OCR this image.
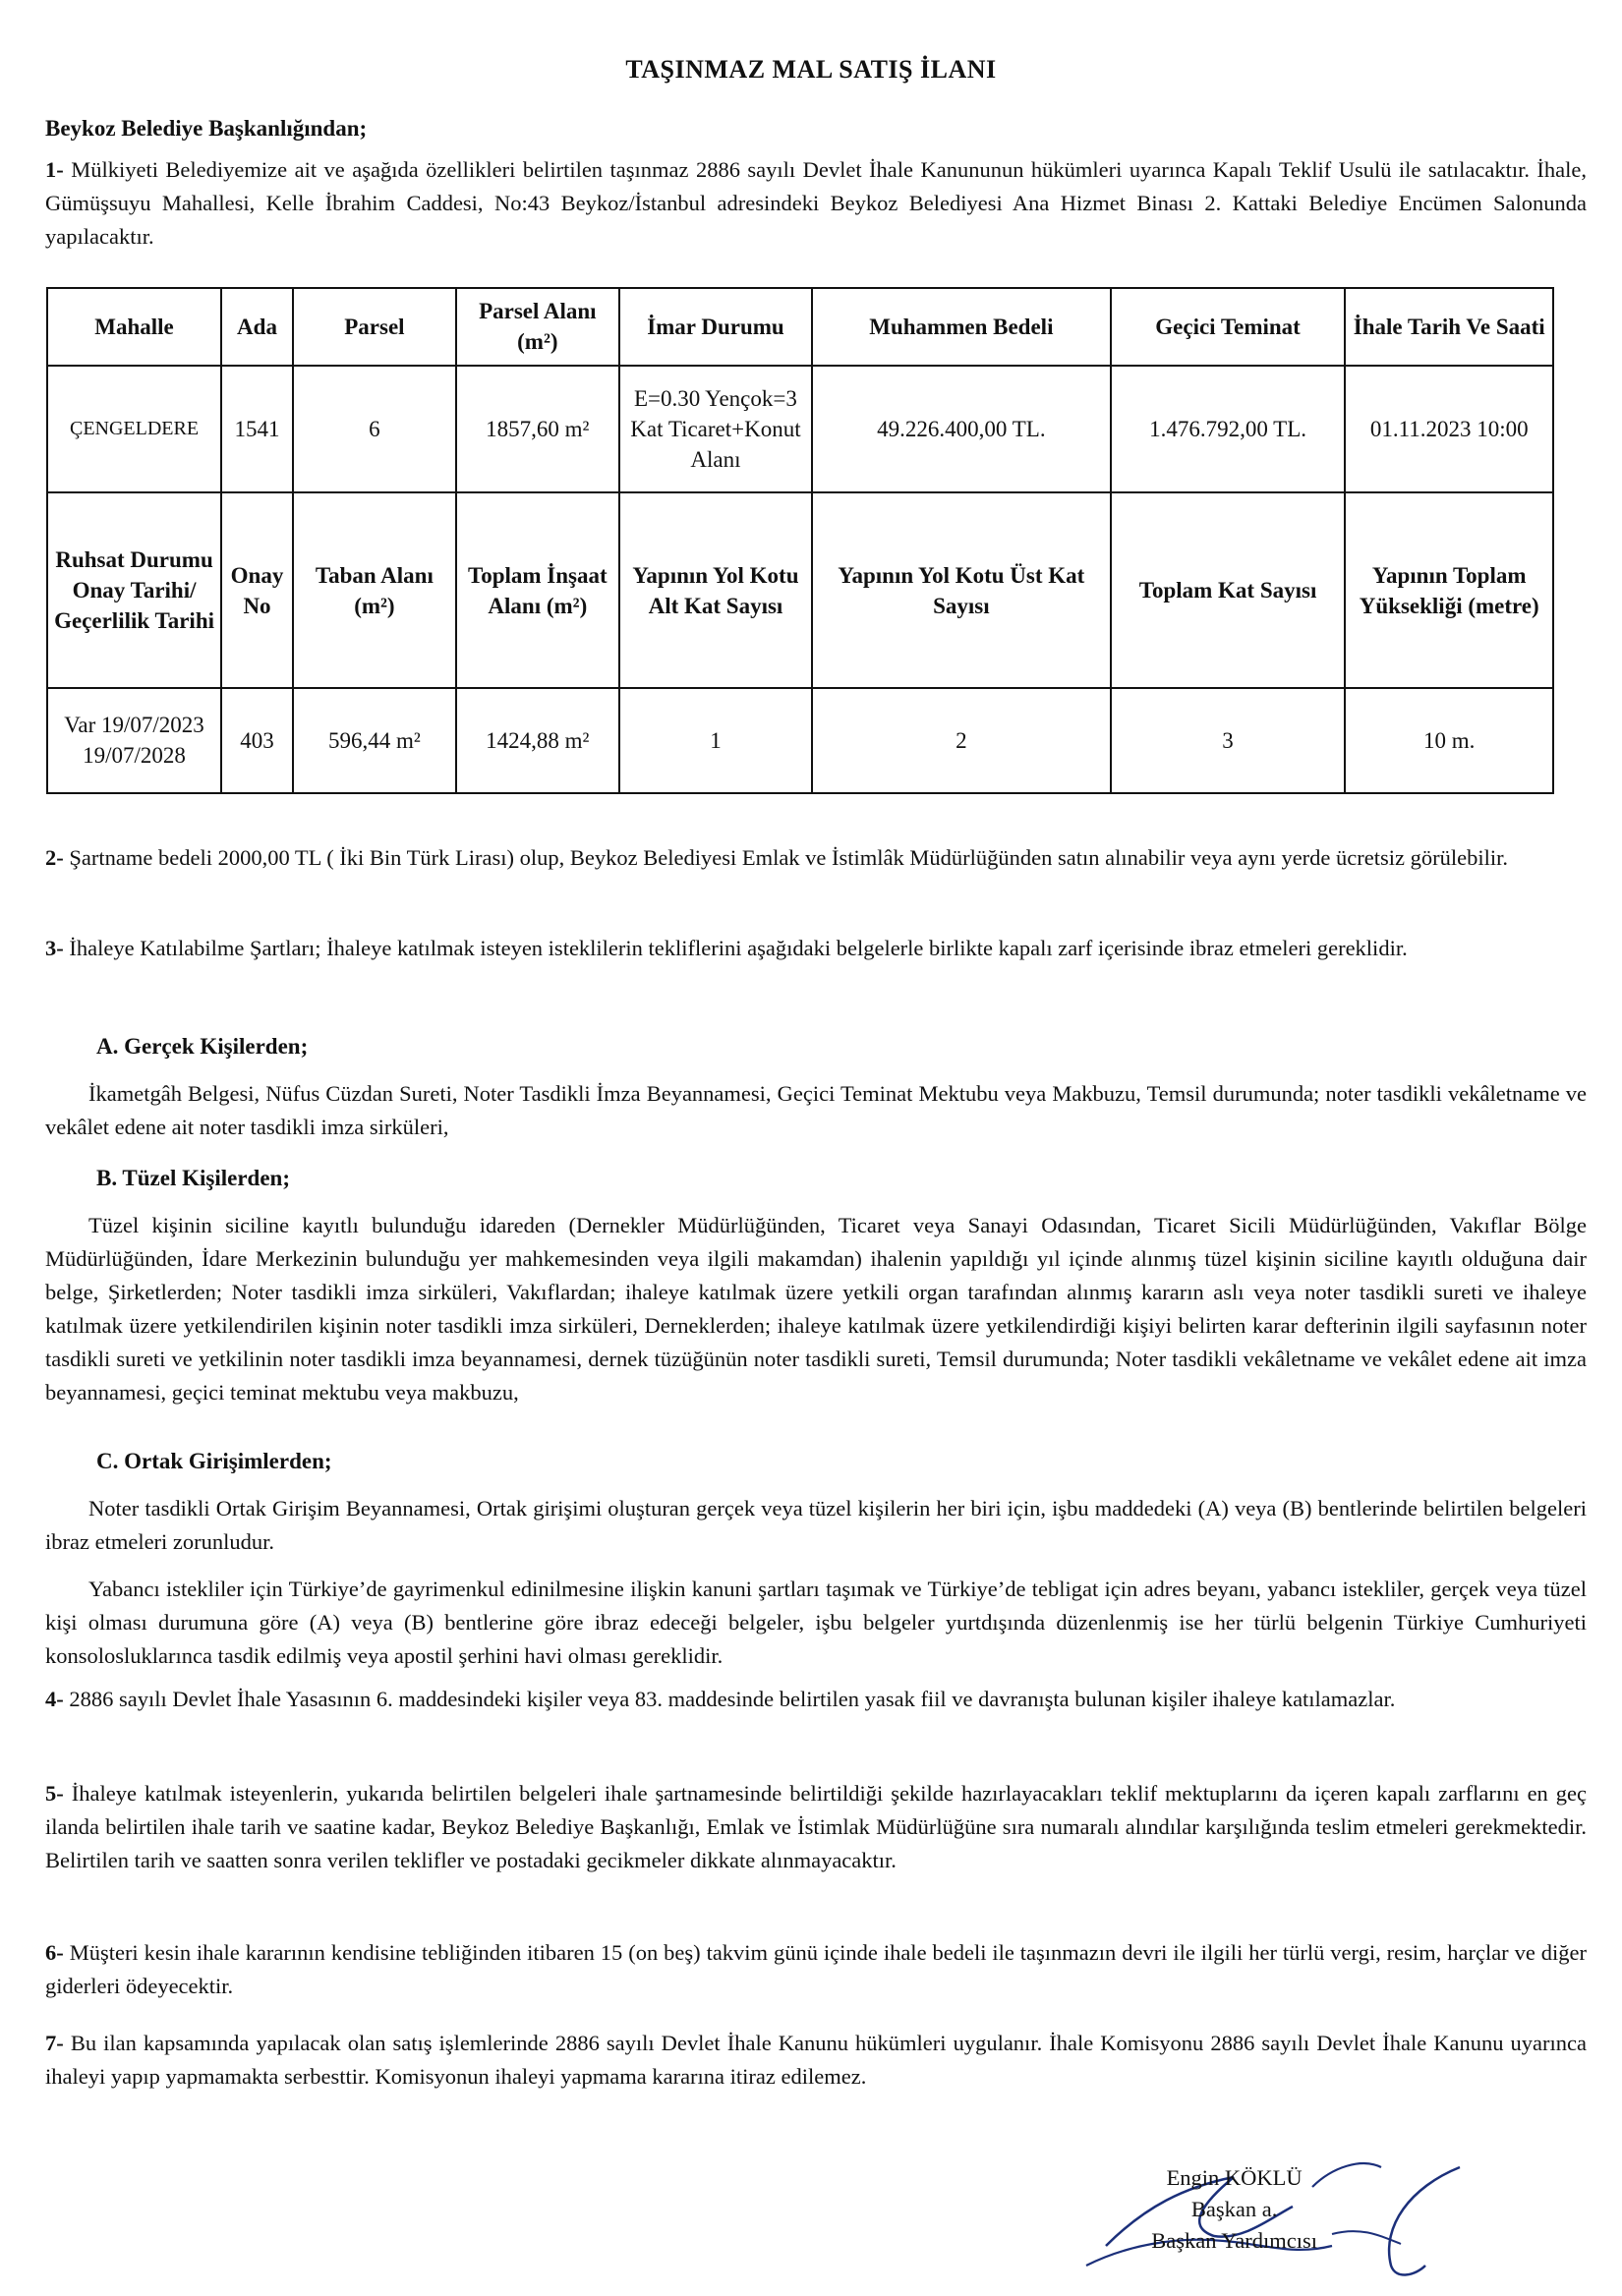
TAŞINMAZ MAL SATIŞ İLANI
Beykoz Belediye Başkanlığından;
1- Mülkiyeti Belediyemize ait ve aşağıda özellikleri belirtilen taşınmaz 2886 sayılı Devlet İhale Kanununun hükümleri uyarınca Kapalı Teklif Usulü ile satılacaktır. İhale, Gümüşsuyu Mahallesi, Kelle İbrahim Caddesi, No:43 Beykoz/İstanbul adresindeki Beykoz Belediyesi Ana Hizmet Binası 2. Kattaki Belediye Encümen Salonunda yapılacaktır.
Mahalle	Ada	Parsel	Parsel Alanı (m²)	İmar Durumu	Muhammen Bedeli	Geçici Teminat	İhale Tarih Ve Saati
ÇENGELDERE	1541	6	1857,60 m²	E=0.30 Yençok=3 Kat Ticaret+Konut Alanı	49.226.400,00 TL.	1.476.792,00 TL.	01.11.2023 10:00
Ruhsat Durumu Onay Tarihi/ Geçerlilik Tarihi	Onay No	Taban Alanı (m²)	Toplam İnşaat Alanı (m²)	Yapının Yol Kotu Alt Kat Sayısı	Yapının Yol Kotu Üst Kat Sayısı	Toplam Kat Sayısı	Yapının Toplam Yüksekliği (metre)
Var 19/07/2023 19/07/2028	403	596,44 m²	1424,88 m²	1	2	3	10 m.
2- Şartname bedeli 2000,00 TL ( İki Bin Türk Lirası) olup, Beykoz Belediyesi Emlak ve İstimlâk Müdürlüğünden satın alınabilir veya aynı yerde ücretsiz görülebilir.
3- İhaleye Katılabilme Şartları; İhaleye katılmak isteyen isteklilerin tekliflerini aşağıdaki belgelerle birlikte kapalı zarf içerisinde ibraz etmeleri gereklidir.
A. Gerçek Kişilerden;
İkametgâh Belgesi, Nüfus Cüzdan Sureti, Noter Tasdikli İmza Beyannamesi, Geçici Teminat Mektubu veya Makbuzu, Temsil durumunda; noter tasdikli vekâletname ve vekâlet edene ait noter tasdikli imza sirküleri,
B. Tüzel Kişilerden;
Tüzel kişinin siciline kayıtlı bulunduğu idareden (Dernekler Müdürlüğünden, Ticaret veya Sanayi Odasından, Ticaret Sicili Müdürlüğünden, Vakıflar Bölge Müdürlüğünden, İdare Merkezinin bulunduğu yer mahkemesinden veya ilgili makamdan) ihalenin yapıldığı yıl içinde alınmış tüzel kişinin siciline kayıtlı olduğuna dair belge, Şirketlerden; Noter tasdikli imza sirküleri, Vakıflardan; ihaleye katılmak üzere yetkili organ tarafından alınmış kararın aslı veya noter tasdikli sureti ve ihaleye katılmak üzere yetkilendirilen kişinin noter tasdikli imza sirküleri, Derneklerden; ihaleye katılmak üzere yetkilendirdiği kişiyi belirten karar defterinin ilgili sayfasının noter tasdikli sureti ve yetkilinin noter tasdikli imza beyannamesi, dernek tüzüğünün noter tasdikli sureti, Temsil durumunda; Noter tasdikli vekâletname ve vekâlet edene ait imza beyannamesi, geçici teminat mektubu veya makbuzu,
C. Ortak Girişimlerden;
Noter tasdikli Ortak Girişim Beyannamesi, Ortak girişimi oluşturan gerçek veya tüzel kişilerin her biri için, işbu maddedeki (A) veya (B) bentlerinde belirtilen belgeleri ibraz etmeleri zorunludur.
Yabancı istekliler için Türkiye’de gayrimenkul edinilmesine ilişkin kanuni şartları taşımak ve Türkiye’de tebligat için adres beyanı, yabancı istekliler, gerçek veya tüzel kişi olması durumuna göre (A) veya (B) bentlerine göre ibraz edeceği belgeler, işbu belgeler yurtdışında düzenlenmiş ise her türlü belgenin Türkiye Cumhuriyeti konsolosluklarınca tasdik edilmiş veya apostil şerhini havi olması gereklidir.
4- 2886 sayılı Devlet İhale Yasasının 6. maddesindeki kişiler veya 83. maddesinde belirtilen yasak fiil ve davranışta bulunan kişiler ihaleye katılamazlar.
5- İhaleye katılmak isteyenlerin, yukarıda belirtilen belgeleri ihale şartnamesinde belirtildiği şekilde hazırlayacakları teklif mektuplarını da içeren kapalı zarflarını en geç ilanda belirtilen ihale tarih ve saatine kadar, Beykoz Belediye Başkanlığı, Emlak ve İstimlak Müdürlüğüne sıra numaralı alındılar karşılığında teslim etmeleri gerekmektedir. Belirtilen tarih ve saatten sonra verilen teklifler ve postadaki gecikmeler dikkate alınmayacaktır.
6- Müşteri kesin ihale kararının kendisine tebliğinden itibaren 15 (on beş) takvim günü içinde ihale bedeli ile taşınmazın devri ile ilgili her türlü vergi, resim, harçlar ve diğer giderleri ödeyecektir.
7- Bu ilan kapsamında yapılacak olan satış işlemlerinde 2886 sayılı Devlet İhale Kanunu hükümleri uygulanır. İhale Komisyonu 2886 sayılı Devlet İhale Kanunu uyarınca ihaleyi yapıp yapmamakta serbesttir. Komisyonun ihaleyi yapmama kararına itiraz edilemez.
Engin KÖKLÜ
Başkan a.
Başkan Yardımcısı
